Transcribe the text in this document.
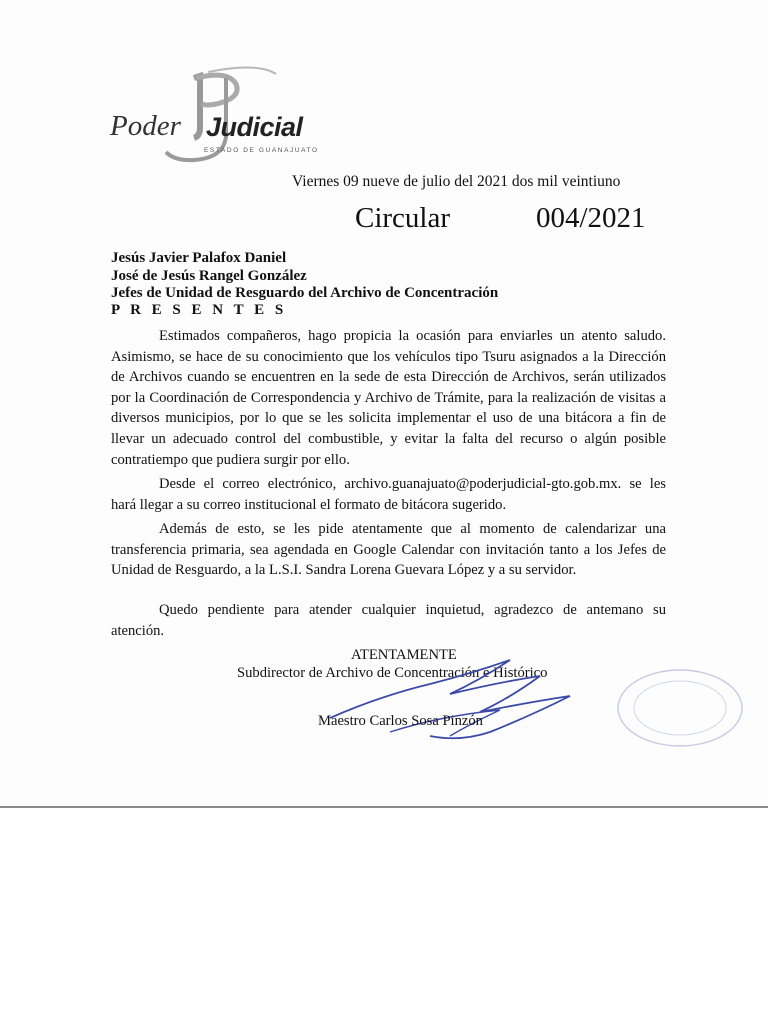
Poder Judicial
ESTADO DE GUANAJUATO
Viernes 09 nueve de julio del 2021 dos mil veintiuno
Circular	004/2021
Jesús Javier Palafox Daniel
José de Jesús Rangel González
Jefes de Unidad de Resguardo del Archivo de Concentración
P R E S E N T E S

Estimados compañeros, hago propicia la ocasión para enviarles un atento saludo. Asimismo, se hace de su conocimiento que los vehículos tipo Tsuru asignados a la Dirección de Archivos cuando se encuentren en la sede de esta Dirección de Archivos, serán utilizados por la Coordinación de Correspondencia y Archivo de Trámite, para la realización de visitas a diversos municipios, por lo que se les solicita implementar el uso de una bitácora a fin de llevar un adecuado control del combustible, y evitar la falta del recurso o algún posible contratiempo que pudiera surgir por ello.

Desde el correo electrónico, archivo.guanajuato@poderjudicial-gto.gob.mx. se les hará llegar a su correo institucional el formato de bitácora sugerido.

Además de esto, se les pide atentamente que al momento de calendarizar una transferencia primaria, sea agendada en Google Calendar con invitación tanto a los Jefes de Unidad de Resguardo, a la L.S.I. Sandra Lorena Guevara López y a su servidor.

Quedo pendiente para atender cualquier inquietud, agradezco de antemano su atención.

ATENTAMENTE
Subdirector de Archivo de Concentración e Histórico
Maestro Carlos Sosa Pinzón
